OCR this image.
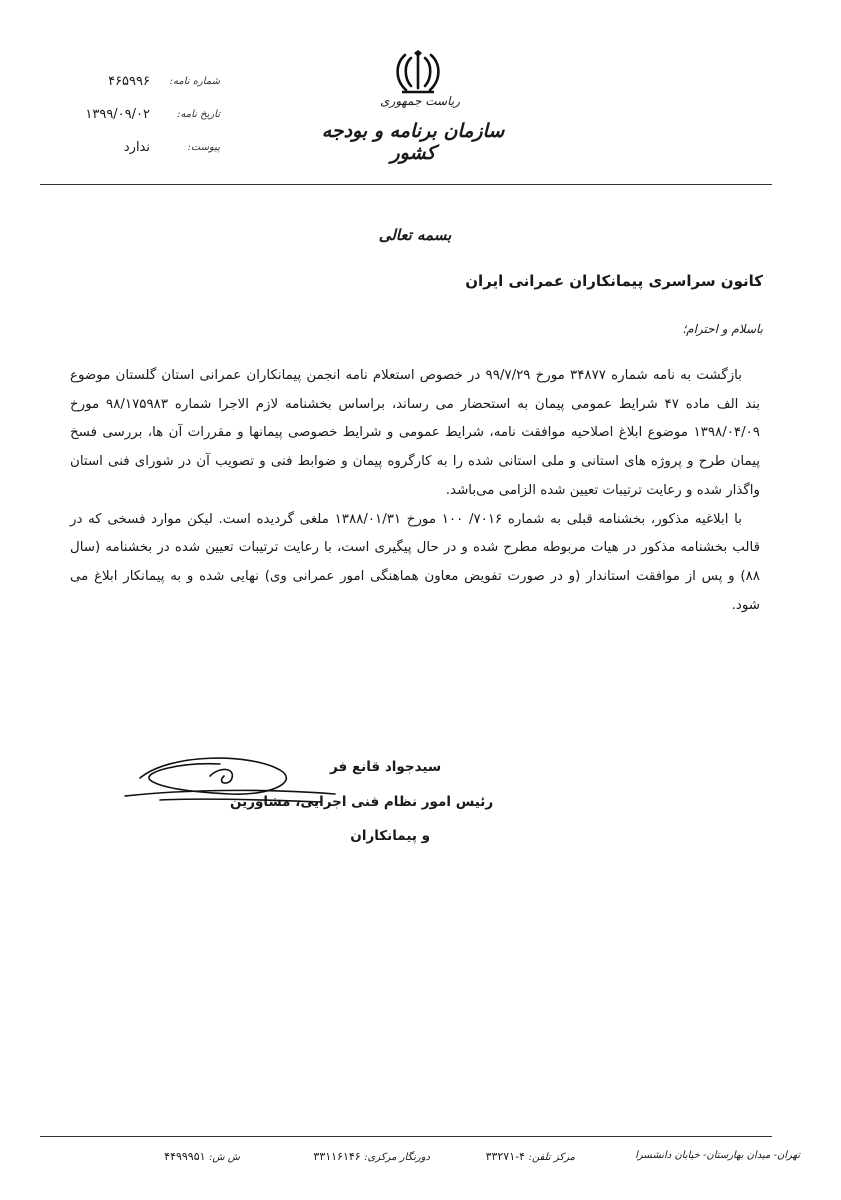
۴۶۵۹۹۶ شماره نامه:
۱۳۹۹/۰۹/۰۲	تاریخ نامه:
ندارد	پیوست:
ریاست جمهوری
سازمان برنامه و بودجه کشور
بسمه تعالی
کانون سراسری پیمانکاران عمرانی ایران
باسلام و احترام؛

بازگشت به نامه شماره ۳۴۸۷۷ مورخ ۹۹/۷/۲۹ در خصوص استعلام نامه انجمن پیمانکاران عمرانی استان گلستان موضوع بند الف ماده ۴۷ شرایط عمومی پیمان به استحضار می رساند، براساس بخشنامه لازم الاجرا شماره ۹۸/۱۷۵۹۸۳ مورخ ۱۳۹۸/۰۴/۰۹ موضوع ابلاغ اصلاحیه موافقت نامه، شرایط عمومی و شرایط خصوصی پیمانها و مقررات آن ها، بررسی فسخ پیمان طرح و پروژه های استانی و ملی استانی شده را به کارگروه پیمان و ضوابط فنی و تصویب آن در شورای فنی استان واگذار شده و رعایت ترتیبات تعیین شده الزامی می‌باشد.

با ابلاغیه مذکور، بخشنامه قبلی به شماره ۷۰۱۶/ ۱۰۰ مورخ ۱۳۸۸/۰۱/۳۱ ملغی گردیده است. لیکن موارد فسخی که در قالب بخشنامه مذکور در هیات مربوطه مطرح شده و در حال پیگیری است، با رعایت ترتیبات تعیین شده در بخشنامه (سال ۸۸) و پس از موافقت استاندار (و در صورت تفویض معاون هماهنگی امور عمرانی وی) نهایی شده و به پیمانکار ابلاغ می شود.

سیدجواد قانع فر
رئیس امور نظام فنی اجرایی، مشاورین
و پیمانکاران
تهران- میدان بهارستان- خیابان دانشسرا
مرکز تلفن: ۴-۳۳۲۷۱
دورنگار مرکزی: ۳۳۱۱۶۱۴۶
ش ش: ۴۴۹۹۹۵۱
